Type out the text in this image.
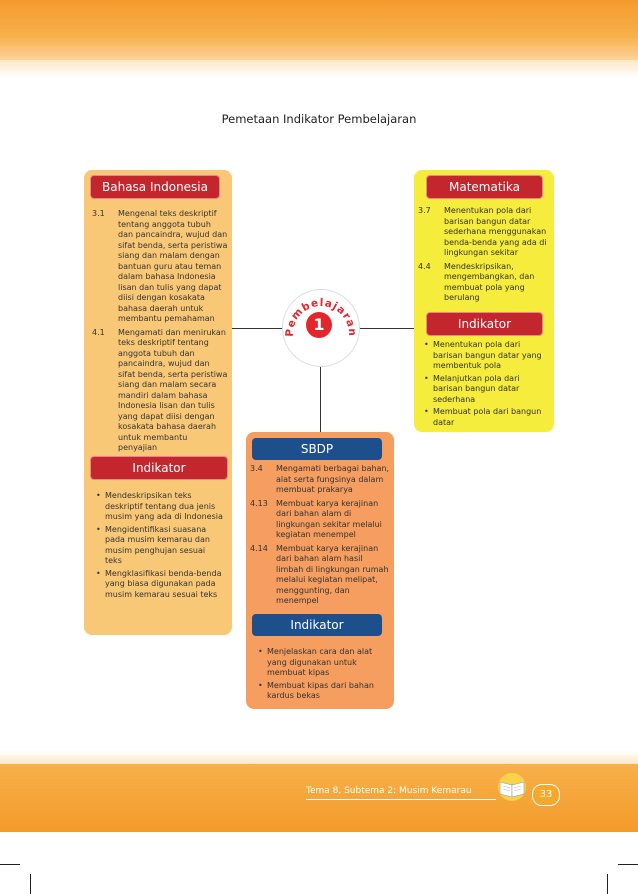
Pemetaan Indikator Pembelajaran
Pembelajaran
1
Bahasa Indonesia
3.1 Mengenal teks deskriptif tentang anggota tubuh dan pancaindra, wujud dan sifat benda, serta peristiwa siang dan malam dengan bantuan guru atau teman dalam bahasa Indonesia lisan dan tulis yang dapat diisi dengan kosakata bahasa daerah untuk membantu pemahaman
4.1 Mengamati dan menirukan teks deskriptif tentang anggota tubuh dan pancaindra, wujud dan sifat benda, serta peristiwa siang dan malam secara mandiri dalam bahasa Indonesia lisan dan tulis yang dapat diisi dengan kosakata bahasa daerah untuk membantu penyajian
Indikator
• Mendeskripsikan teks deskriptif tentang dua jenis musim yang ada di Indonesia
• Mengidentifikasi suasana pada musim kemarau dan musim penghujan sesuai teks
• Mengklasifikasi benda-benda yang biasa digunakan pada musim kemarau sesuai teks
Matematika
3.7 Menentukan pola dari barisan bangun datar sederhana menggunakan benda-benda yang ada di lingkungan sekitar
4.4 Mendeskripsikan, mengembangkan, dan membuat pola yang berulang
Indikator
• Menentukan pola dari barisan bangun datar yang membentuk pola
• Melanjutkan pola dari barisan bangun datar sederhana
• Membuat pola dari bangun datar
SBDP
3.4 Mengamati berbagai bahan, alat serta fungsinya dalam membuat prakarya
4.13 Membuat karya kerajinan dari bahan alam di lingkungan sekitar melalui kegiatan menempel
4.14 Membuat karya kerajinan dari bahan alam hasil limbah di lingkungan rumah melalui kegiatan melipat, menggunting, dan menempel
Indikator
• Menjelaskan cara dan alat yang digunakan untuk membuat kipas
• Membuat kipas dari bahan kardus bekas
Tema 8, Subtema 2: Musim Kemarau	33
